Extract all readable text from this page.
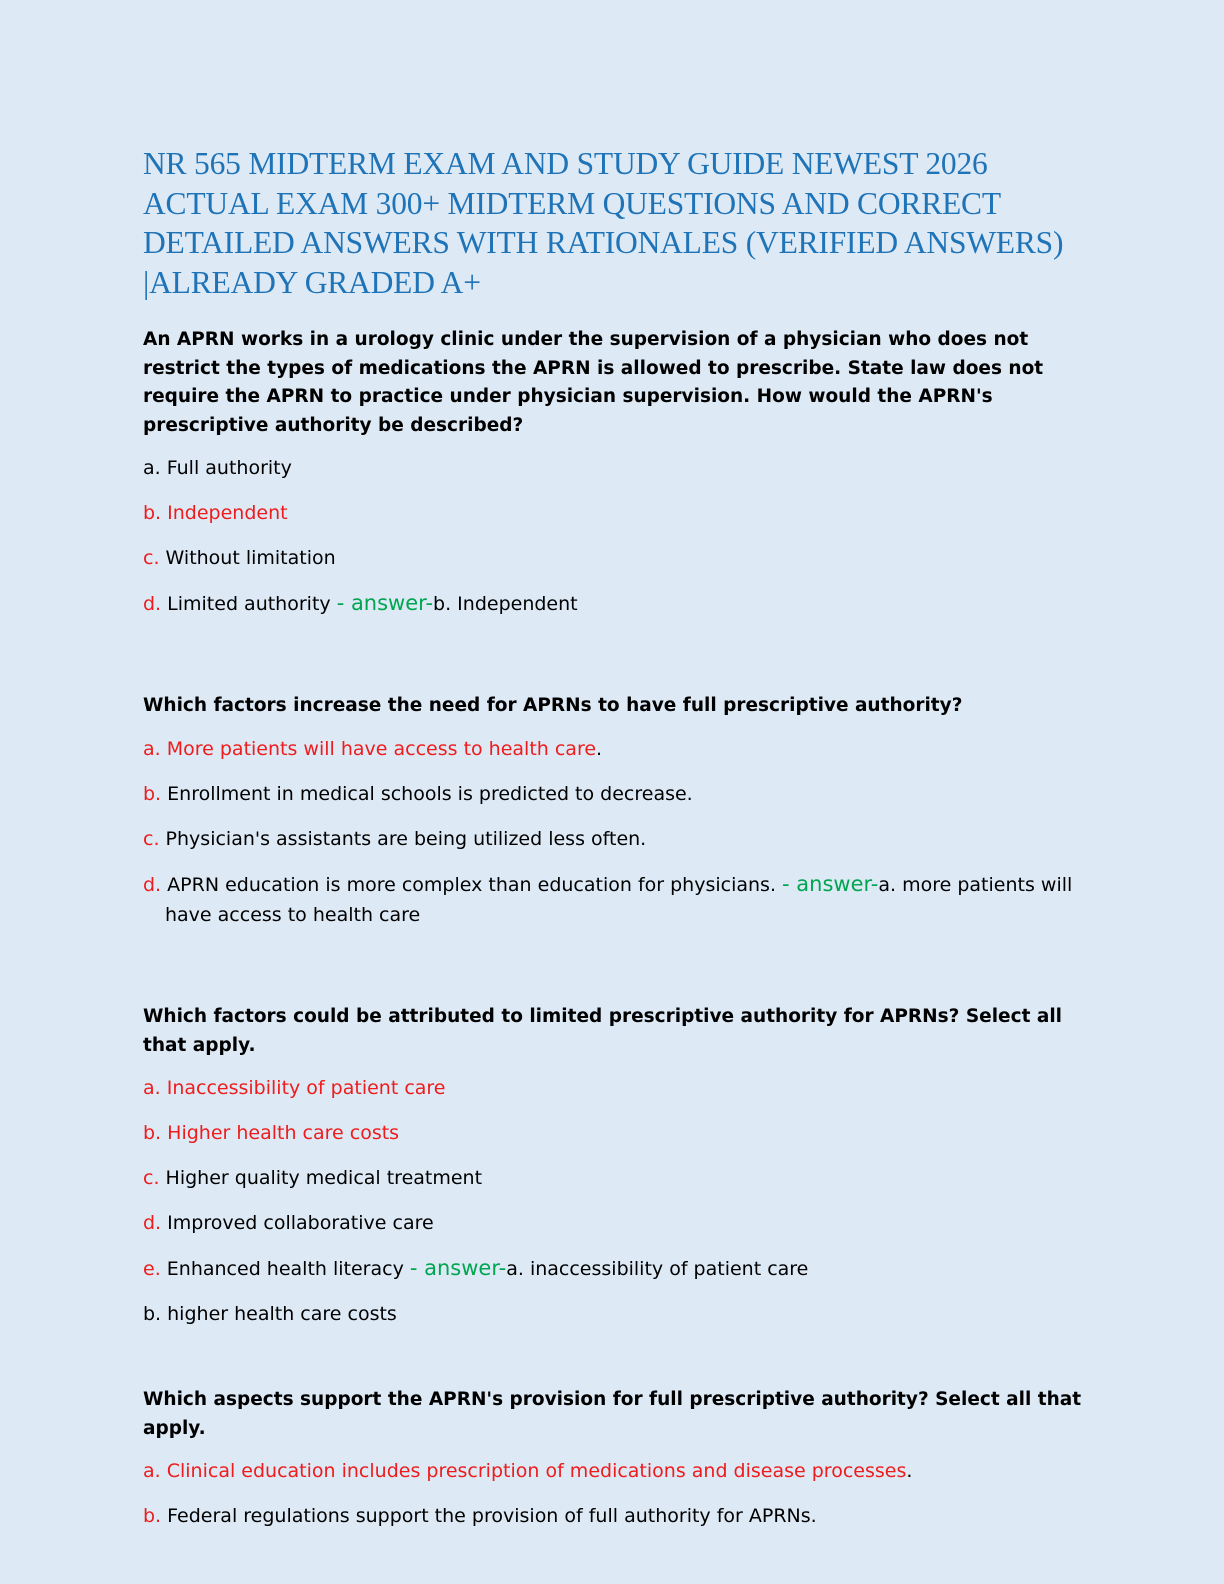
NR 565 MIDTERM EXAM AND STUDY GUIDE NEWEST 2026 ACTUAL EXAM 300+ MIDTERM QUESTIONS AND CORRECT DETAILED ANSWERS WITH RATIONALES (VERIFIED ANSWERS) |ALREADY GRADED A+

An APRN works in a urology clinic under the supervision of a physician who does not restrict the types of medications the APRN is allowed to prescribe. State law does not require the APRN to practice under physician supervision. How would the APRN's prescriptive authority be described?

a. Full authority

b. Independent

c. Without limitation

d. Limited authority - answer-b. Independent

Which factors increase the need for APRNs to have full prescriptive authority?

a. More patients will have access to health care.

b. Enrollment in medical schools is predicted to decrease.

c. Physician's assistants are being utilized less often.

d. APRN education is more complex than education for physicians. - answer-a. more patients will have access to health care

Which factors could be attributed to limited prescriptive authority for APRNs? Select all that apply.

a. Inaccessibility of patient care

b. Higher health care costs

c. Higher quality medical treatment

d. Improved collaborative care

e. Enhanced health literacy - answer-a. inaccessibility of patient care

b. higher health care costs

Which aspects support the APRN's provision for full prescriptive authority? Select all that apply.

a. Clinical education includes prescription of medications and disease processes.

b. Federal regulations support the provision of full authority for APRNs.
